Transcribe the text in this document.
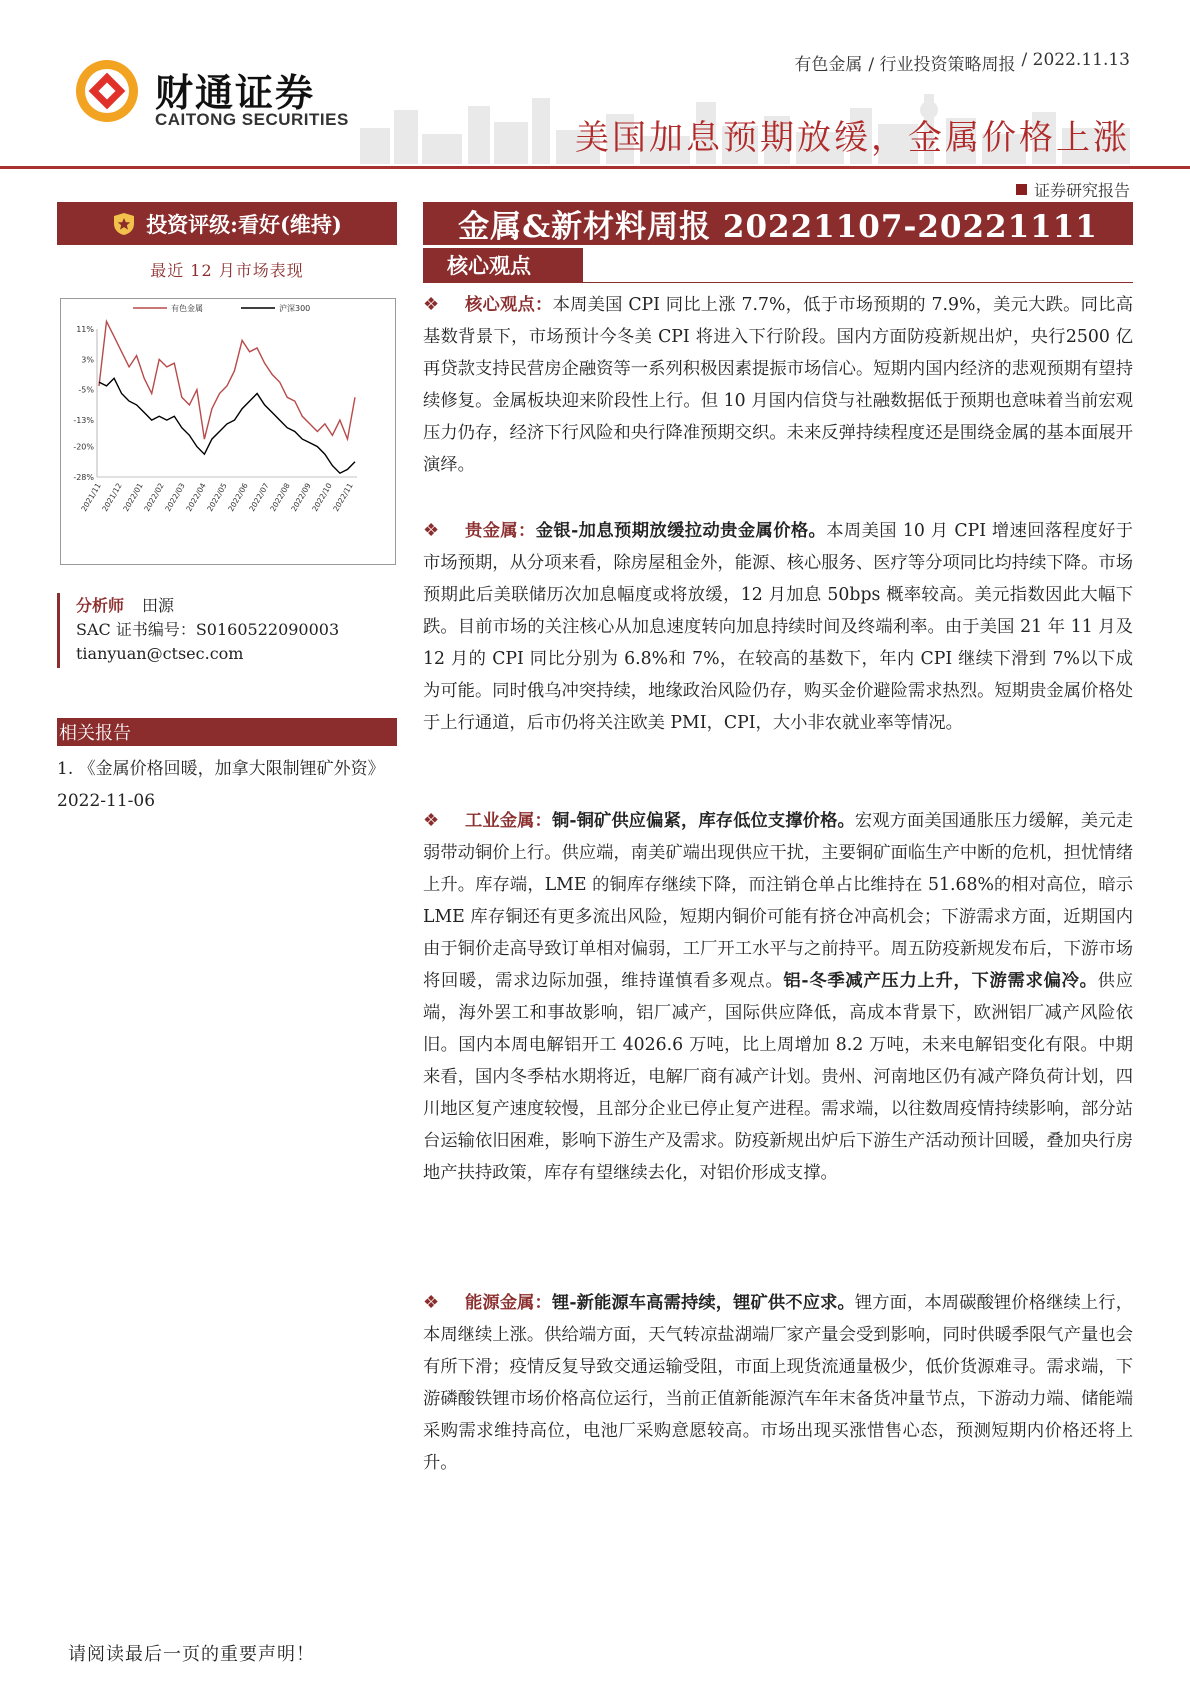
财通证券
CAITONG SECURITIES
有色金属 / 行业投资策略周报 / 2022.11.13
美国加息预期放缓，金属价格上涨
证券研究报告
投资评级:看好(维持)
最近 12 月市场表现
有色金属	沪深300
11%
3%
-5%
-13%
-20%
-28%
2021/11
2021/12
2022/01
2022/02
2022/03
2022/04
2022/05
2022/06
2022/07
2022/08
2022/09
2022/10
2022/11
分析师 田源
SAC 证书编号：S0160522090003
tianyuan@ctsec.com
相关报告
1. 《金属价格回暖，加拿大限制锂矿外资》　2022-11-06
金属&新材料周报 20221107-20221111
核心观点
❖	核心观点：本周美国 CPI 同比上涨 7.7%，低于市场预期的 7.9%，美元大跌。同比高基数背景下，市场预计今冬美 CPI 将进入下行阶段。国内方面防疫新规出炉，央行2500 亿再贷款支持民营房企融资等一系列积极因素提振市场信心。短期内国内经济的悲观预期有望持续修复。金属板块迎来阶段性上行。但 10 月国内信贷与社融数据低于预期也意味着当前宏观压力仍存，经济下行风险和央行降准预期交织。未来反弹持续程度还是围绕金属的基本面展开演绎。
❖	贵金属：金银-加息预期放缓拉动贵金属价格。本周美国 10 月 CPI 增速回落程度好于市场预期，从分项来看，除房屋租金外，能源、核心服务、医疗等分项同比均持续下降。市场预期此后美联储历次加息幅度或将放缓，12 月加息 50bps 概率较高。美元指数因此大幅下跌。目前市场的关注核心从加息速度转向加息持续时间及终端利率。由于美国 21 年 11 月及 12 月的 CPI 同比分别为 6.8%和 7%，在较高的基数下，年内 CPI 继续下滑到 7%以下成为可能。同时俄乌冲突持续，地缘政治风险仍存，购买金价避险需求热烈。短期贵金属价格处于上行通道，后市仍将关注欧美 PMI，CPI，大小非农就业率等情况。
❖	工业金属：铜-铜矿供应偏紧，库存低位支撑价格。宏观方面美国通胀压力缓解，美元走弱带动铜价上行。供应端，南美矿端出现供应干扰，主要铜矿面临生产中断的危机，担忧情绪上升。库存端，LME 的铜库存继续下降，而注销仓单占比维持在 51.68%的相对高位，暗示 LME 库存铜还有更多流出风险，短期内铜价可能有挤仓冲高机会；下游需求方面，近期国内由于铜价走高导致订单相对偏弱，工厂开工水平与之前持平。周五防疫新规发布后，下游市场将回暖，需求边际加强，维持谨慎看多观点。铝-冬季减产压力上升，下游需求偏冷。供应端，海外罢工和事故影响，铝厂减产，国际供应降低，高成本背景下，欧洲铝厂减产风险依旧。国内本周电解铝开工 4026.6 万吨，比上周增加 8.2 万吨，未来电解铝变化有限。中期来看，国内冬季枯水期将近，电解厂商有减产计划。贵州、河南地区仍有减产降负荷计划，四川地区复产速度较慢，且部分企业已停止复产进程。需求端，以往数周疫情持续影响，部分站台运输依旧困难，影响下游生产及需求。防疫新规出炉后下游生产活动预计回暖，叠加央行房地产扶持政策，库存有望继续去化，对铝价形成支撑。
❖	能源金属：锂-新能源车高需持续，锂矿供不应求。锂方面，本周碳酸锂价格继续上行，本周继续上涨。供给端方面，天气转凉盐湖端厂家产量会受到影响，同时供暖季限气产量也会有所下滑；疫情反复导致交通运输受阻，市面上现货流通量极少，低价货源难寻。需求端，下游磷酸铁锂市场价格高位运行，当前正值新能源汽车年末备货冲量节点，下游动力端、储能端采购需求维持高位，电池厂采购意愿较高。市场出现买涨惜售心态，预测短期内价格还将上升。
请阅读最后一页的重要声明！
